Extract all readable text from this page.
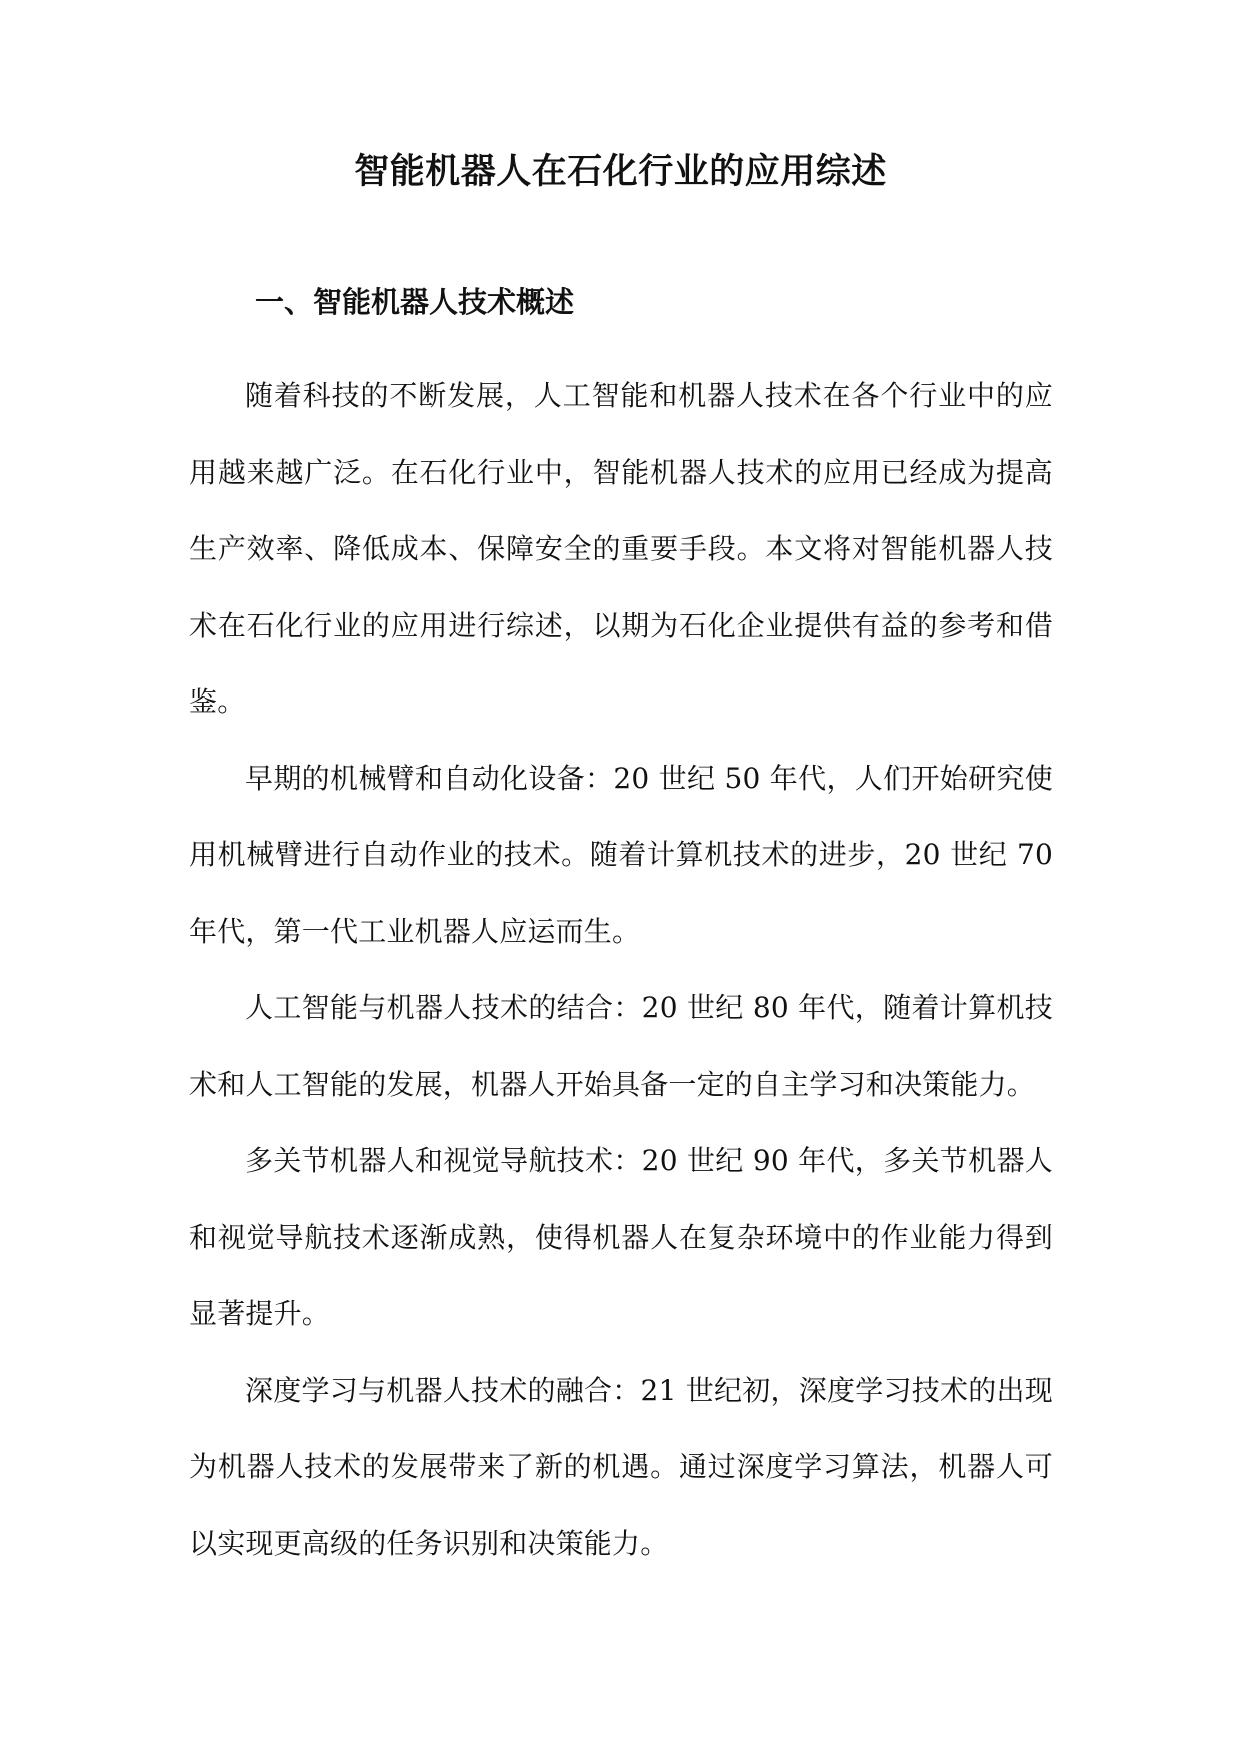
智能机器人在石化行业的应用综述
一、智能机器人技术概述

随着科技的不断发展，人工智能和机器人技术在各个行业中的应用越来越广泛。在石化行业中，智能机器人技术的应用已经成为提高生产效率、降低成本、保障安全的重要手段。本文将对智能机器人技术在石化行业的应用进行综述，以期为石化企业提供有益的参考和借鉴。

早期的机械臂和自动化设备：20 世纪 50 年代，人们开始研究使用机械臂进行自动作业的技术。随着计算机技术的进步，20 世纪 70 年代，第一代工业机器人应运而生。

人工智能与机器人技术的结合：20 世纪 80 年代，随着计算机技术和人工智能的发展，机器人开始具备一定的自主学习和决策能力。

多关节机器人和视觉导航技术：20 世纪 90 年代，多关节机器人和视觉导航技术逐渐成熟，使得机器人在复杂环境中的作业能力得到显著提升。

深度学习与机器人技术的融合：21 世纪初，深度学习技术的出现为机器人技术的发展带来了新的机遇。通过深度学习算法，机器人可以实现更高级的任务识别和决策能力。
